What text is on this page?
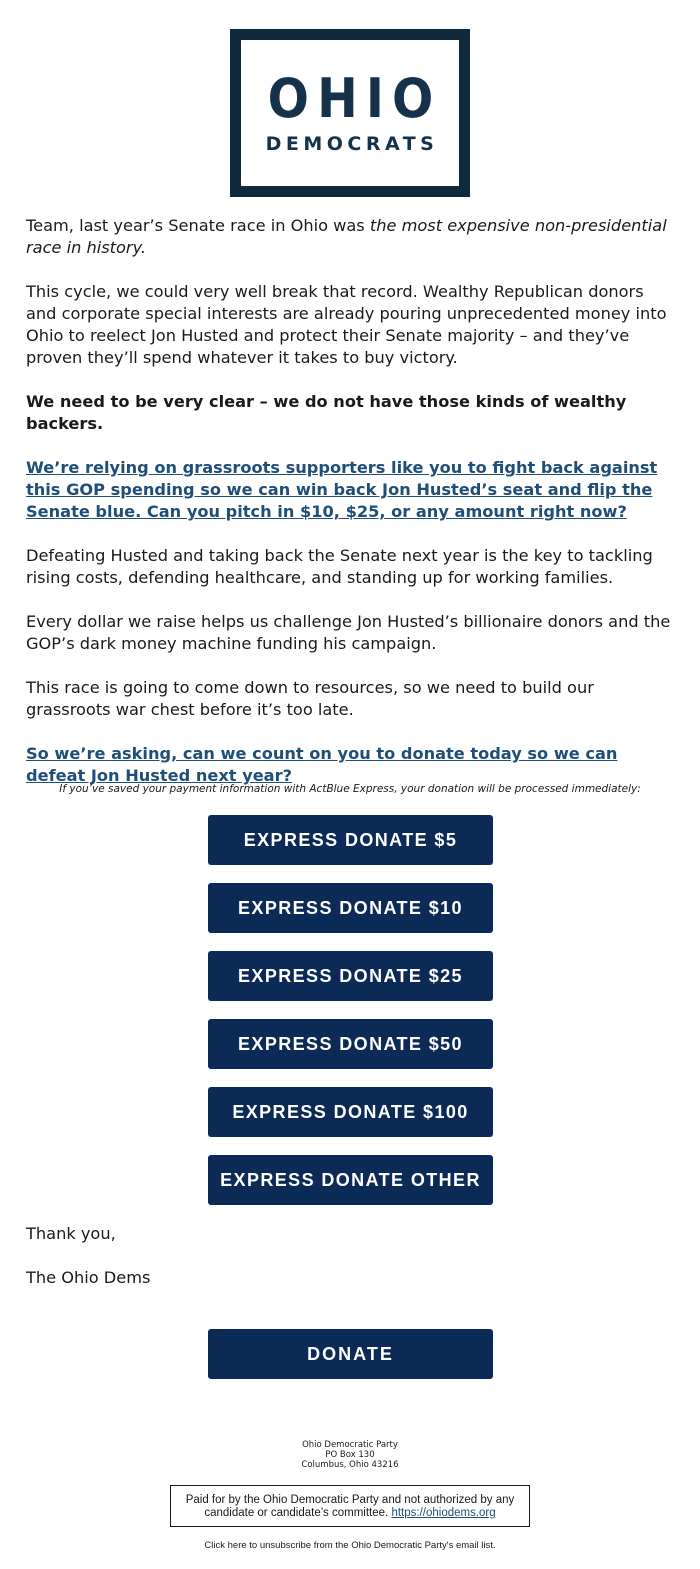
OHIO
DEMOCRATS

Team, last year’s Senate race in Ohio was the most expensive non-presidential race in history.

This cycle, we could very well break that record. Wealthy Republican donors and corporate special interests are already pouring unprecedented money into Ohio to reelect Jon Husted and protect their Senate majority – and they’ve proven they’ll spend whatever it takes to buy victory.

We need to be very clear – we do not have those kinds of wealthy backers.

We’re relying on grassroots supporters like you to fight back against this GOP spending so we can win back Jon Husted’s seat and flip the Senate blue. Can you pitch in $10, $25, or any amount right now?

Defeating Husted and taking back the Senate next year is the key to tackling rising costs, defending healthcare, and standing up for working families.

Every dollar we raise helps us challenge Jon Husted’s billionaire donors and the GOP’s dark money machine funding his campaign.

This race is going to come down to resources, so we need to build our grassroots war chest before it’s too late.

So we’re asking, can we count on you to donate today so we can defeat Jon Husted next year?

If you’ve saved your payment information with ActBlue Express, your donation will be processed immediately:
EXPRESS DONATE $5
EXPRESS DONATE $10
EXPRESS DONATE $25
EXPRESS DONATE $50
EXPRESS DONATE $100
EXPRESS DONATE OTHER
Thank you,
The Ohio Dems
DONATE
Ohio Democratic Party
PO Box 130
Columbus, Ohio 43216
Paid for by the Ohio Democratic Party and not authorized by any candidate or candidate’s committee. https://ohiodems.org
Click here to unsubscribe from the Ohio Democratic Party's email list.
